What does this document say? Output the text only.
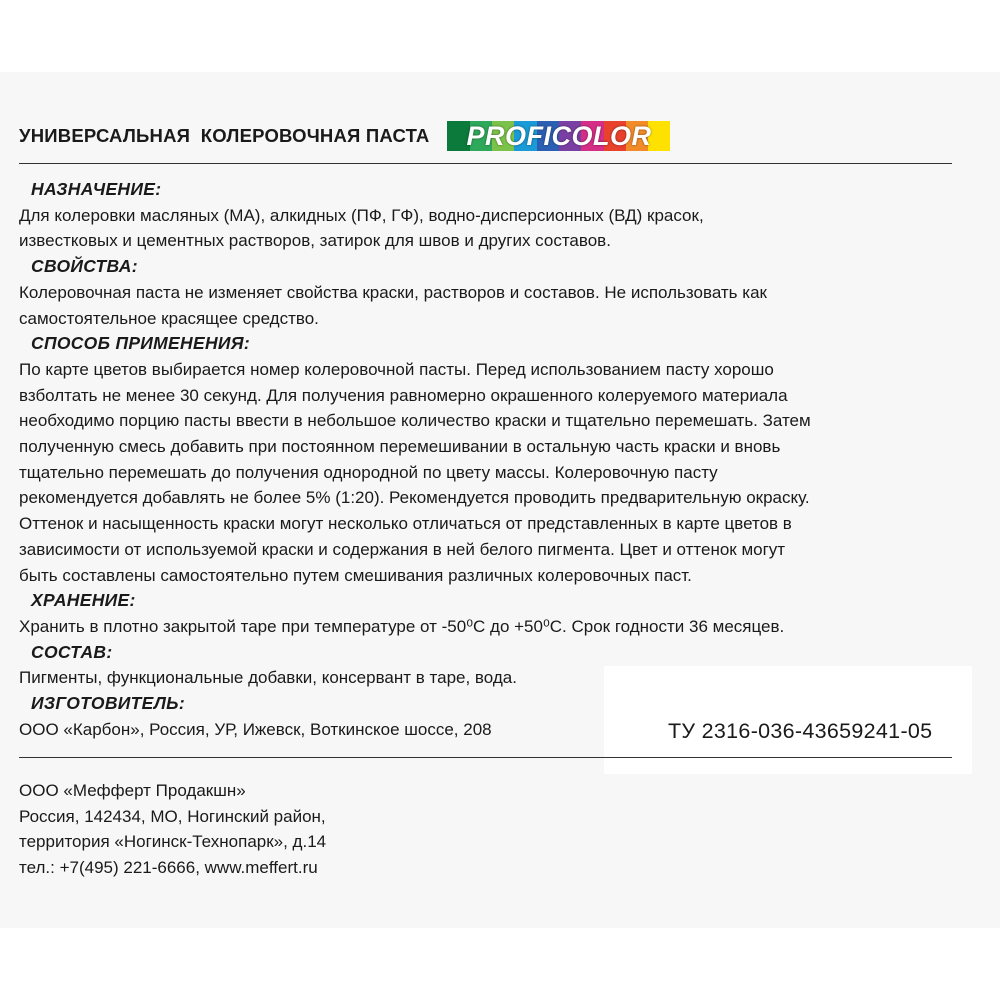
УНИВЕРСАЛЬНАЯ  КОЛЕРОВОЧНАЯ ПАСТА	PROFICOLOR
НАЗНАЧЕНИЕ:
Для колеровки масляных (МА), алкидных (ПФ, ГФ), водно-дисперсионных (ВД) красок,
известковых и цементных растворов, затирок для швов и других составов.
СВОЙСТВА:
Колеровочная паста не изменяет свойства краски, растворов и составов. Не использовать как
самостоятельное красящее средство.
СПОСОБ ПРИМЕНЕНИЯ:
По карте цветов выбирается номер колеровочной пасты. Перед использованием пасту хорошо
взболтать не менее 30 секунд. Для получения равномерно окрашенного колеруемого материала
необходимо порцию пасты ввести в небольшое количество краски и тщательно перемешать. Затем
полученную смесь добавить при постоянном перемешивании в остальную часть краски и вновь
тщательно перемешать до получения однородной по цвету массы. Колеровочную пасту
рекомендуется добавлять не более 5% (1:20). Рекомендуется проводить предварительную окраску.
Оттенок и насыщенность краски могут несколько отличаться от представленных в карте цветов в
зависимости от используемой краски и содержания в ней белого пигмента. Цвет и оттенок могут
быть составлены самостоятельно путем смешивания различных колеровочных паст.
ХРАНЕНИЕ:
Хранить в плотно закрытой таре при температуре от -50⁰С до +50⁰С. Срок годности 36 месяцев.
СОСТАВ:
Пигменты, функциональные добавки, консервант в таре, вода.
ИЗГОТОВИТЕЛЬ:
ООО «Карбон», Россия, УР, Ижевск, Воткинское шоссе, 208	ТУ 2316-036-43659241-05
ООО «Мефферт Продакшн»
Россия, 142434, МО, Ногинский район,
территория «Ногинск-Технопарк», д.14
тел.: +7(495) 221-6666, www.meffert.ru
